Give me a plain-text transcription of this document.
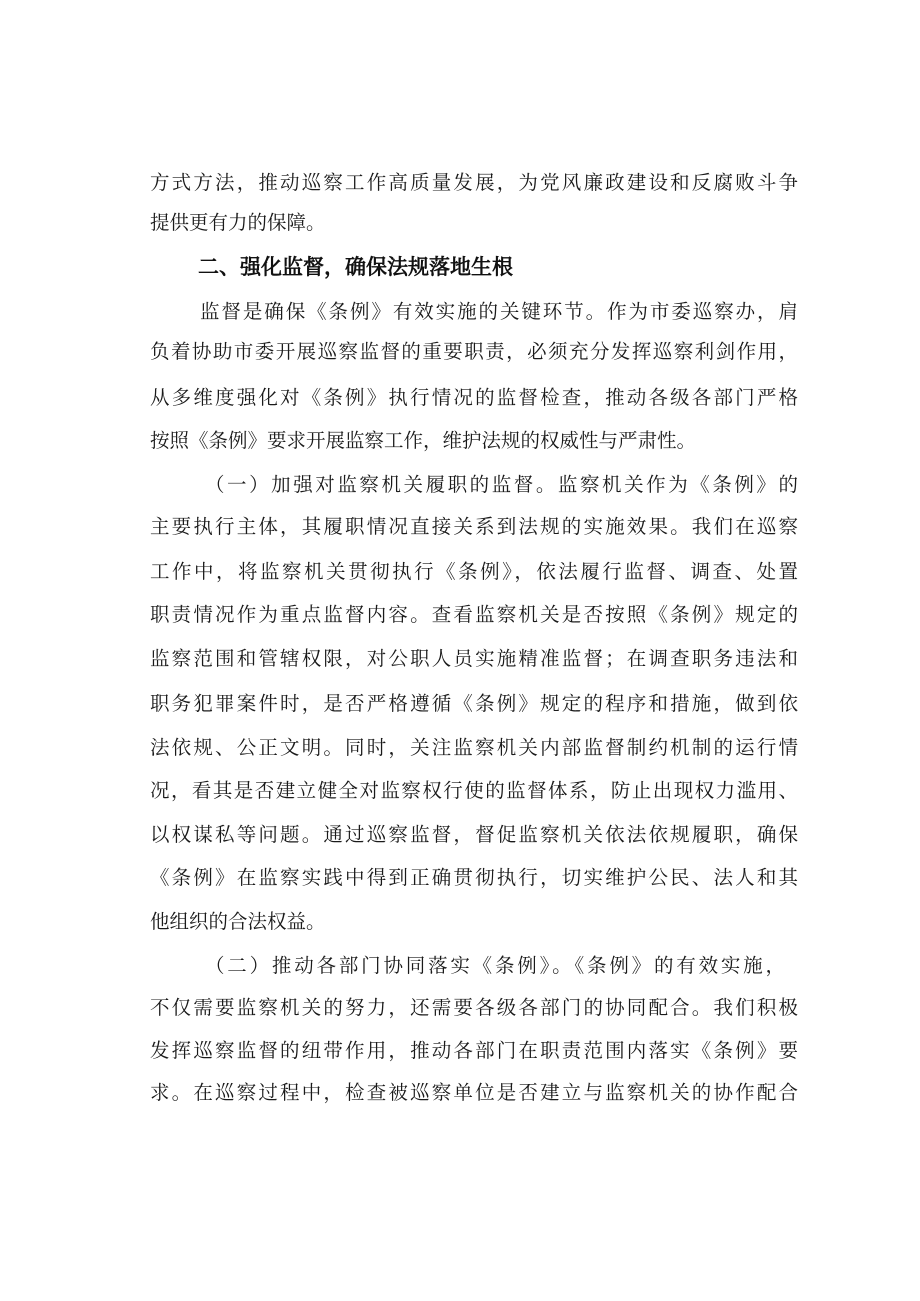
方式方法，推动巡察工作高质量发展，为党风廉政建设和反腐败斗争
提供更有力的保障。
二、强化监督，确保法规落地生根
监督是确保《条例》有效实施的关键环节。作为市委巡察办，肩
负着协助市委开展巡察监督的重要职责，必须充分发挥巡察利剑作用，
从多维度强化对《条例》执行情况的监督检查，推动各级各部门严格
按照《条例》要求开展监察工作，维护法规的权威性与严肃性。
（一）加强对监察机关履职的监督。监察机关作为《条例》的
主要执行主体，其履职情况直接关系到法规的实施效果。我们在巡察
工作中，将监察机关贯彻执行《条例》，依法履行监督、调查、处置
职责情况作为重点监督内容。查看监察机关是否按照《条例》规定的
监察范围和管辖权限，对公职人员实施精准监督；在调查职务违法和
职务犯罪案件时，是否严格遵循《条例》规定的程序和措施，做到依
法依规、公正文明。同时，关注监察机关内部监督制约机制的运行情
况，看其是否建立健全对监察权行使的监督体系，防止出现权力滥用、
以权谋私等问题。通过巡察监督，督促监察机关依法依规履职，确保
《条例》在监察实践中得到正确贯彻执行，切实维护公民、法人和其
他组织的合法权益。
（二）推动各部门协同落实《条例》。《条例》的有效实施，
不仅需要监察机关的努力，还需要各级各部门的协同配合。我们积极
发挥巡察监督的纽带作用，推动各部门在职责范围内落实《条例》要
求。在巡察过程中，检查被巡察单位是否建立与监察机关的协作配合
